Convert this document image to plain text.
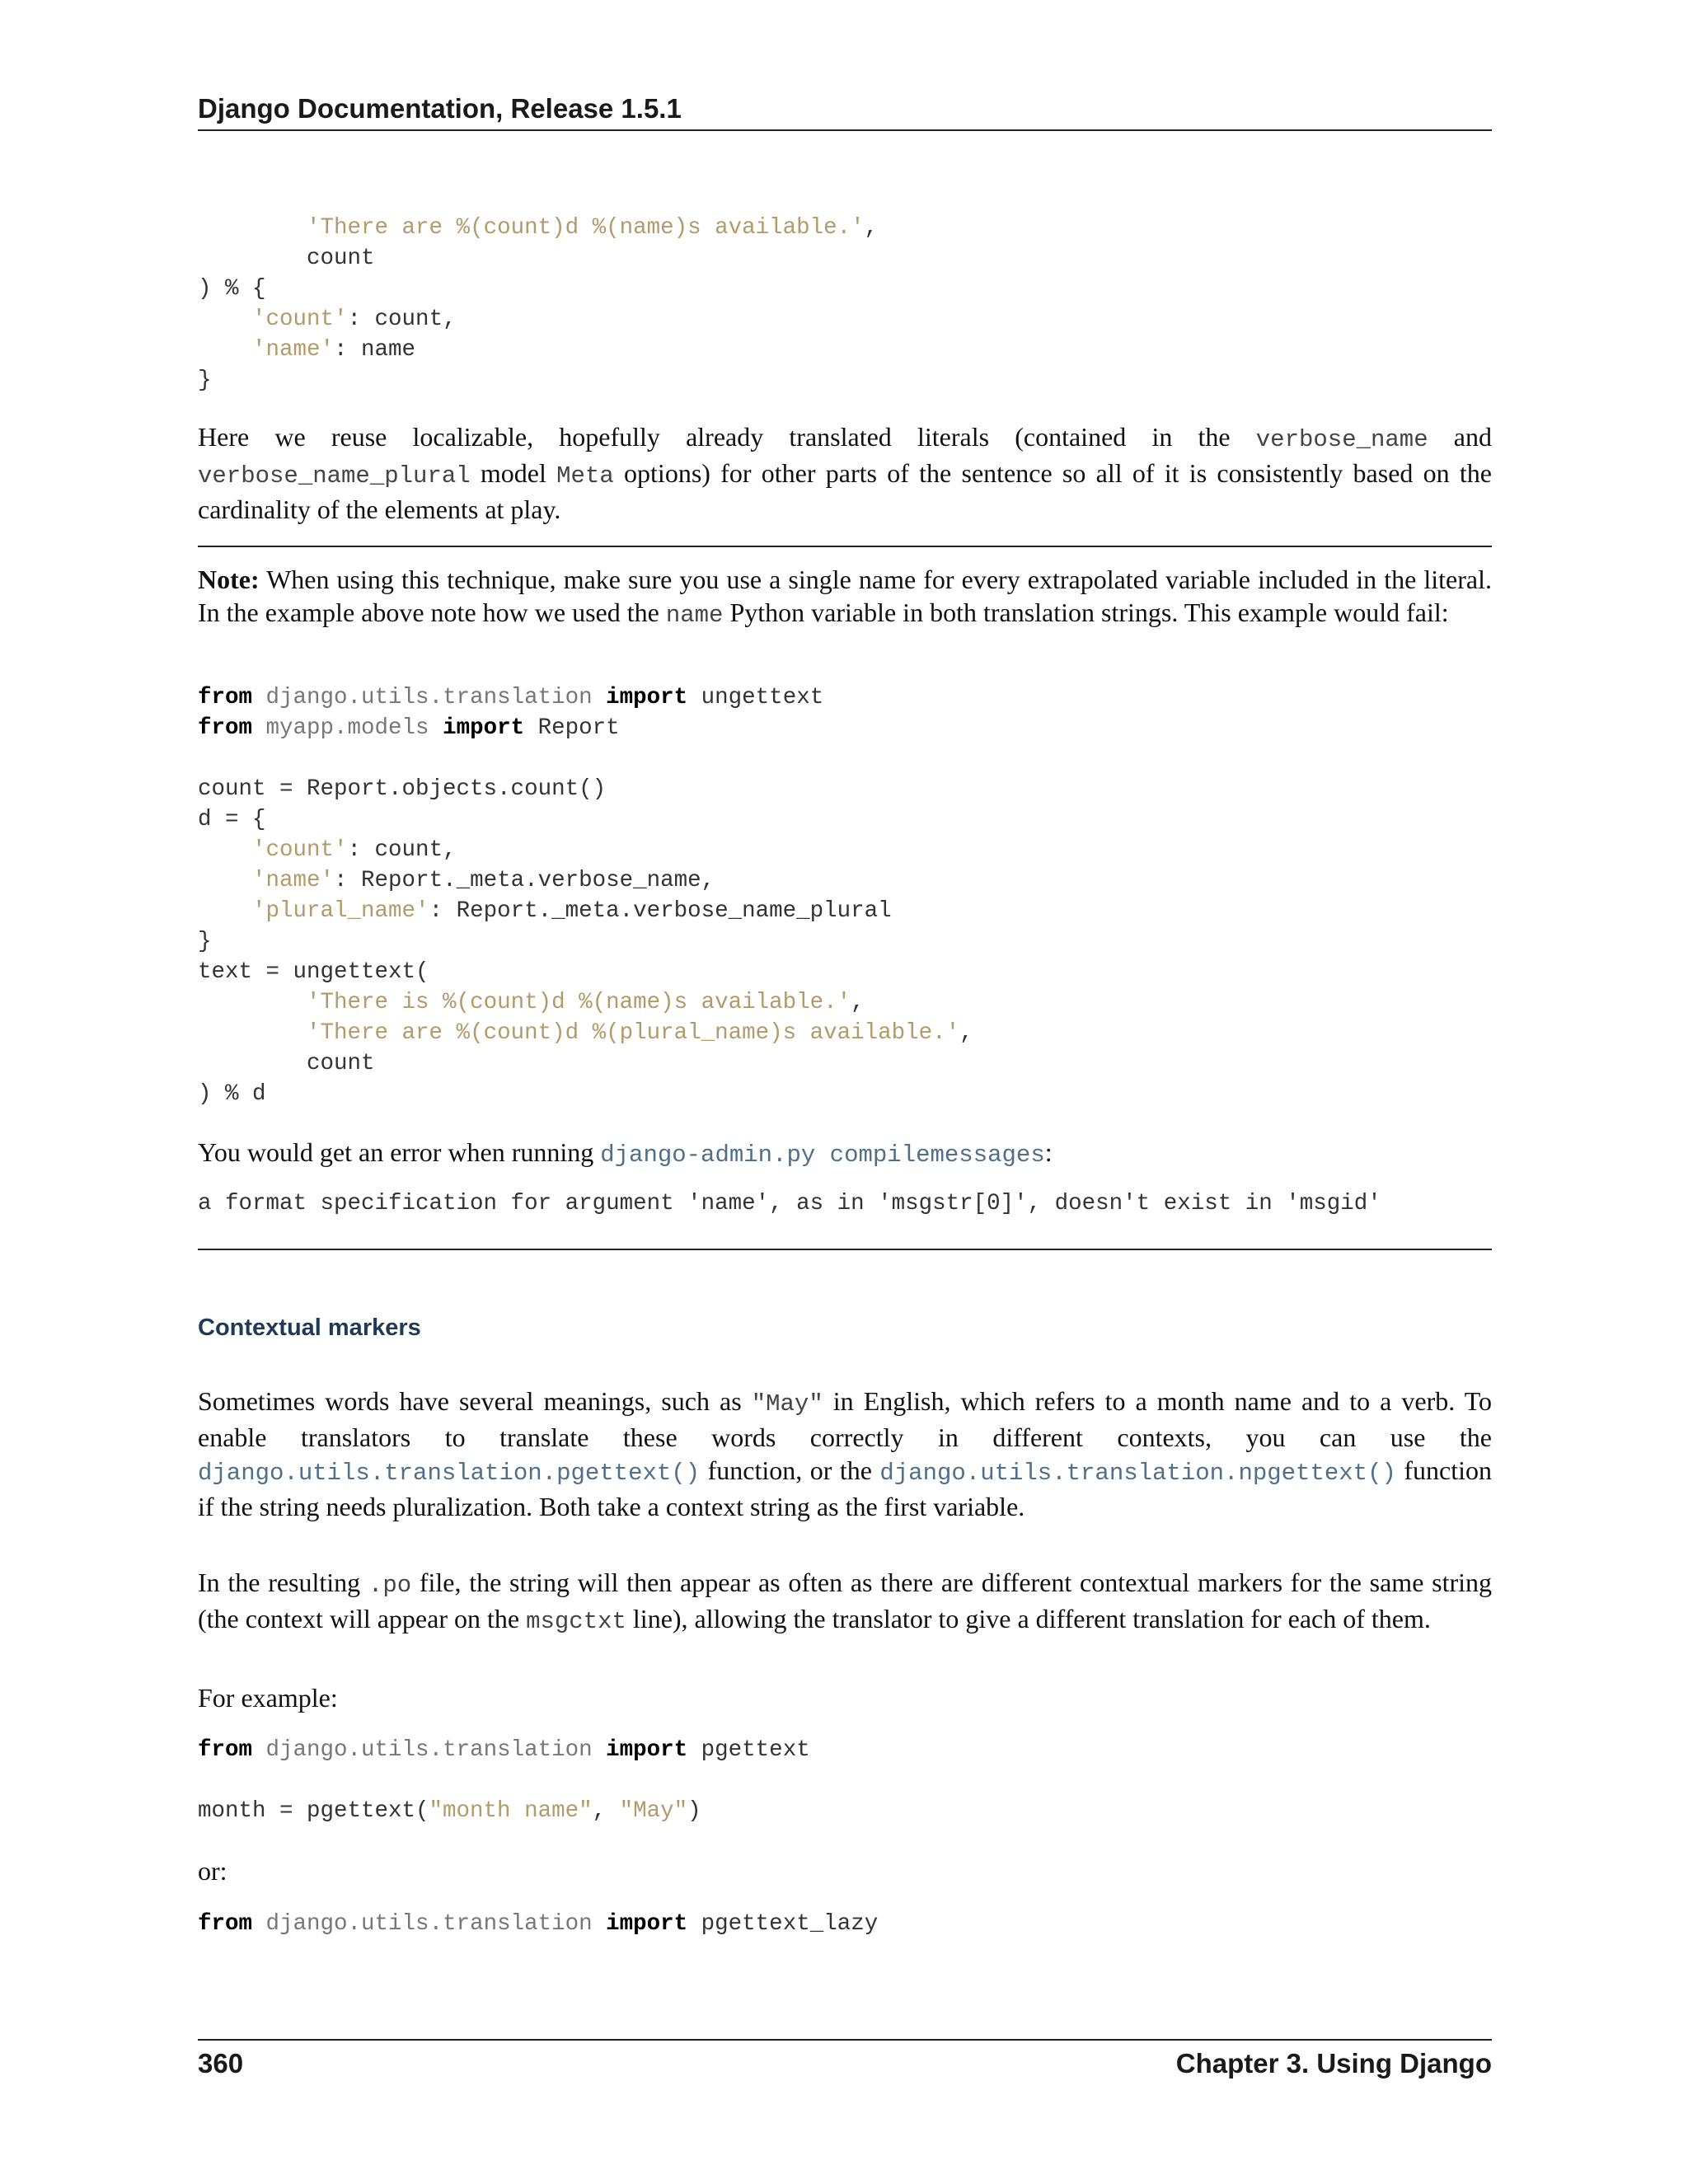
Django Documentation, Release 1.5.1
'There are %(count)d %(name)s available.',
count
) % {
'count': count,
'name': name
}

Here we reuse localizable, hopefully already translated literals (contained in the verbose_name and verbose_name_plural model Meta options) for other parts of the sentence so all of it is consistently based on the cardinality of the elements at play.

Note: When using this technique, make sure you use a single name for every extrapolated variable included in the literal. In the example above note how we used the name Python variable in both translation strings. This example would fail:

from django.utils.translation import ungettext
from myapp.models import Report

count = Report.objects.count()
d = {
'count': count,
'name': Report._meta.verbose_name,
'plural_name': Report._meta.verbose_name_plural
}
text = ungettext(
'There is %(count)d %(name)s available.',
'There are %(count)d %(plural_name)s available.',
count
) % d

You would get an error when running django-admin.py compilemessages:

a format specification for argument 'name', as in 'msgstr[0]', doesn't exist in 'msgid'
Contextual markers

Sometimes words have several meanings, such as "May" in English, which refers to a month name and to a verb. To enable translators to translate these words correctly in different contexts, you can use the django.utils.translation.pgettext() function, or the django.utils.translation.npgettext() function if the string needs pluralization. Both take a context string as the first variable.

In the resulting .po file, the string will then appear as often as there are different contextual markers for the same string (the context will appear on the msgctxt line), allowing the translator to give a different translation for each of them.

For example:

from django.utils.translation import pgettext

month = pgettext("month name", "May")

or:

from django.utils.translation import pgettext_lazy
360	Chapter 3. Using Django
